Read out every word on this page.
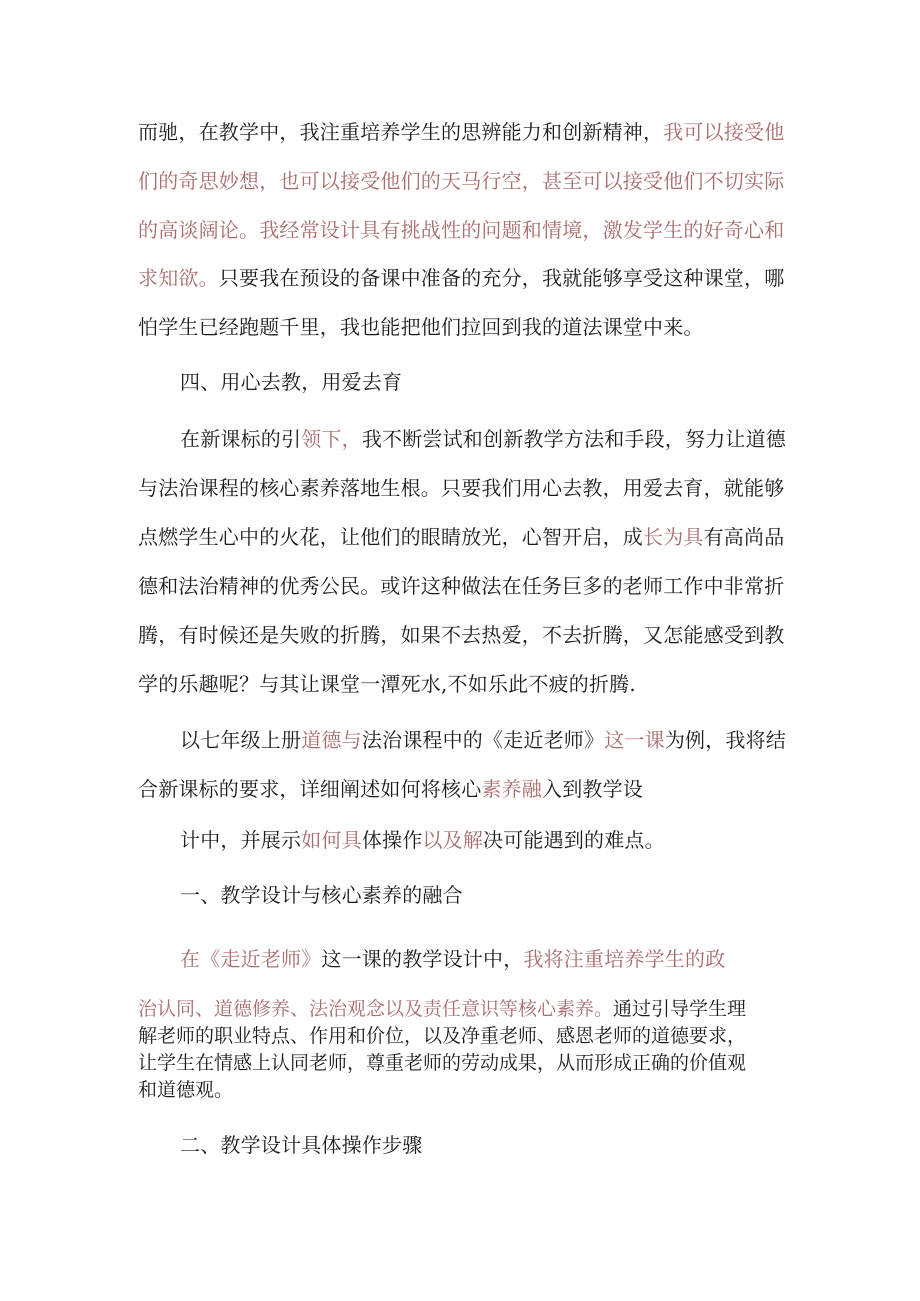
而驰，在教学中，我注重培养学生的思辨能力和创新精神，我可以接受他
们的奇思妙想，也可以接受他们的天马行空，甚至可以接受他们不切实际
的高谈阔论。我经常设计具有挑战性的问题和情境，激发学生的好奇心和
求知欲。只要我在预设的备课中准备的充分，我就能够享受这种课堂，哪
怕学生已经跑题千里，我也能把他们拉回到我的道法课堂中来。
四、用心去教，用爱去育
在新课标的引领下，我不断尝试和创新教学方法和手段，努力让道德
与法治课程的核心素养落地生根。只要我们用心去教，用爱去育，就能够
点燃学生心中的火花，让他们的眼睛放光，心智开启，成长为具有高尚品
德和法治精神的优秀公民。或许这种做法在任务巨多的老师工作中非常折
腾，有时候还是失败的折腾，如果不去热爱，不去折腾，又怎能感受到教
学的乐趣呢？与其让课堂一潭死水,不如乐此不疲的折腾.
以七年级上册道德与法治课程中的《走近老师》这一课为例，我将结
合新课标的要求，详细阐述如何将核心素养融入到教学设
计中，并展示如何具体操作以及解决可能遇到的难点。
一、教学设计与核心素养的融合
在《走近老师》这一课的教学设计中，我将注重培养学生的政
治认同、道德修养、法治观念以及责任意识等核心素养。通过引导学生理
解老师的职业特点、作用和价位，以及净重老师、感恩老师的道德要求，
让学生在情感上认同老师，尊重老师的劳动成果，从而形成正确的价值观
和道德观。
二、教学设计具体操作步骤
